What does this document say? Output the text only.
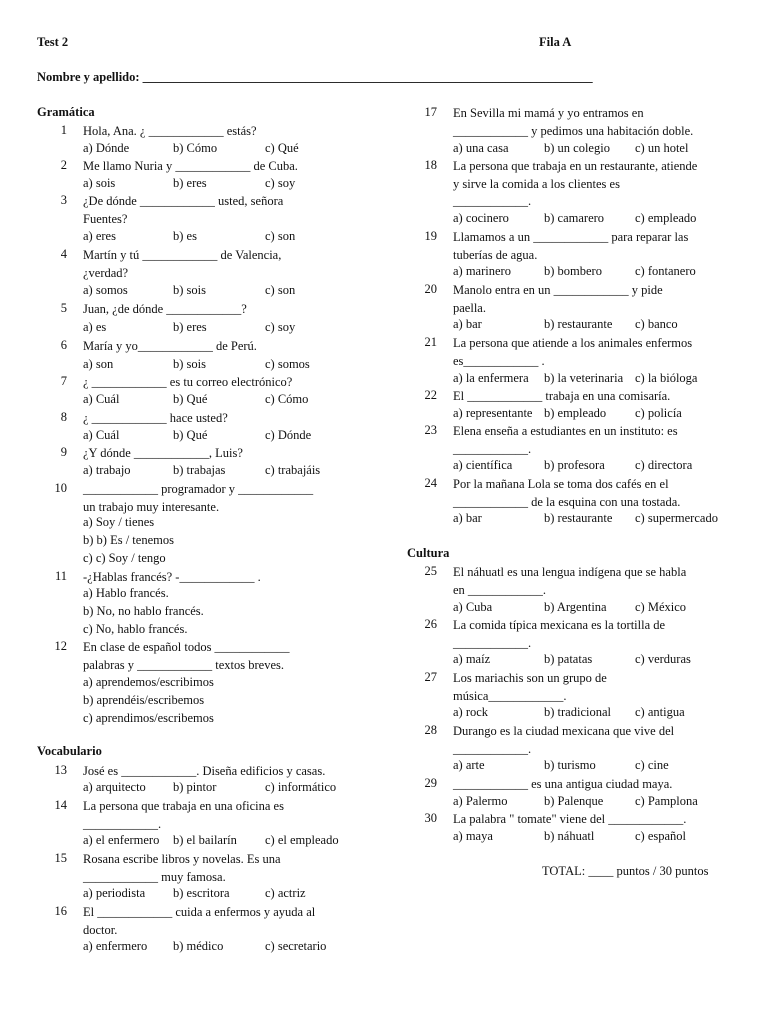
Test 2	Fila A
Nombre y apellido: ________________________________________________________________________
Gramática
Vocabulario
Cultura
1 Hola, Ana. ¿ ____________ estás?
a) Dónde	b) Cómo	c) Qué
2 Me llamo Nuria y ____________ de Cuba.
a) sois	b) eres	c) soy
3 ¿De dónde ____________ usted, señora
Fuentes?
a) eres	b) es	c) son
4 Martín y tú ____________ de Valencia,
¿verdad?
a) somos	b) sois	c) son
5 Juan, ¿de dónde ____________?
a) es	b) eres	c) soy
6 María y yo____________ de Perú.
a) son	b) sois	c) somos
7 ¿ ____________ es tu correo electrónico?
a) Cuál	b) Qué	c) Cómo
8 ¿ ____________ hace usted?
a) Cuál	b) Qué	c) Dónde
9 ¿Y dónde ____________, Luis?
a) trabajo	b) trabajas	c) trabajáis
10 ____________ programador y ____________
un trabajo muy interesante.
a) Soy / tienes
b) b) Es / tenemos
c) c) Soy / tengo
11 -¿Hablas francés? -____________ .
a) Hablo francés.
b) No, no hablo francés.
c) No, hablo francés.
12 En clase de español todos ____________
palabras y ____________ textos breves.
a) aprendemos/escribimos
b) aprendéis/escribemos
c) aprendimos/escribemos
13 José es ____________. Diseña edificios y casas.
a) arquitecto b) pintor	c) informático
14 La persona que trabaja en una oficina es
____________.
a) el enfermero b) el bailarín c) el empleado
15 Rosana escribe libros y novelas. Es una
____________ muy famosa.
a) periodista b) escritora	c) actriz
16 El ____________ cuida a enfermos y ayuda al
doctor.
a) enfermero b) médico	c) secretario
17 En Sevilla mi mamá y yo entramos en
____________ y pedimos una habitación doble.
a) una casa	b) un colegio c) un hotel
18 La persona que trabaja en un restaurante, atiende
y sirve la comida a los clientes es
____________.
a) cocinero	b) camarero c) empleado
19 Llamamos a un ____________ para reparar las
tuberías de agua.
a) marinero	b) bombero	c) fontanero
20 Manolo entra en un ____________ y pide
paella.
a) bar	b) restaurante c) banco
21 La persona que atiende a los animales enfermos
es____________ .
a) la enfermera b) la veterinaria c) la bióloga
22 El ____________ trabaja en una comisaría.
a) representante b) empleado c) policía
23 Elena enseña a estudiantes en un instituto: es
____________.
a) científica	b) profesora c) directora
24 Por la mañana Lola se toma dos cafés en el
____________ de la esquina con una tostada.
a) bar	b) restaurante c) supermercado
25 El náhuatl es una lengua indígena que se habla
en ____________.
a) Cuba	b) Argentina c) México
26 La comida típica mexicana es la tortilla de
____________.
a) maíz	b) patatas	c) verduras
27 Los mariachis son un grupo de
música____________.
a) rock	b) tradicional c) antigua
28 Durango es la ciudad mexicana que vive del
____________.
a) arte	b) turismo	c) cine
29 ____________ es una antigua ciudad maya.
a) Palermo	b) Palenque	c) Pamplona
30 La palabra " tomate" viene del ____________.
a) maya	b) náhuatl	c) español
TOTAL: ____ puntos / 30 puntos
